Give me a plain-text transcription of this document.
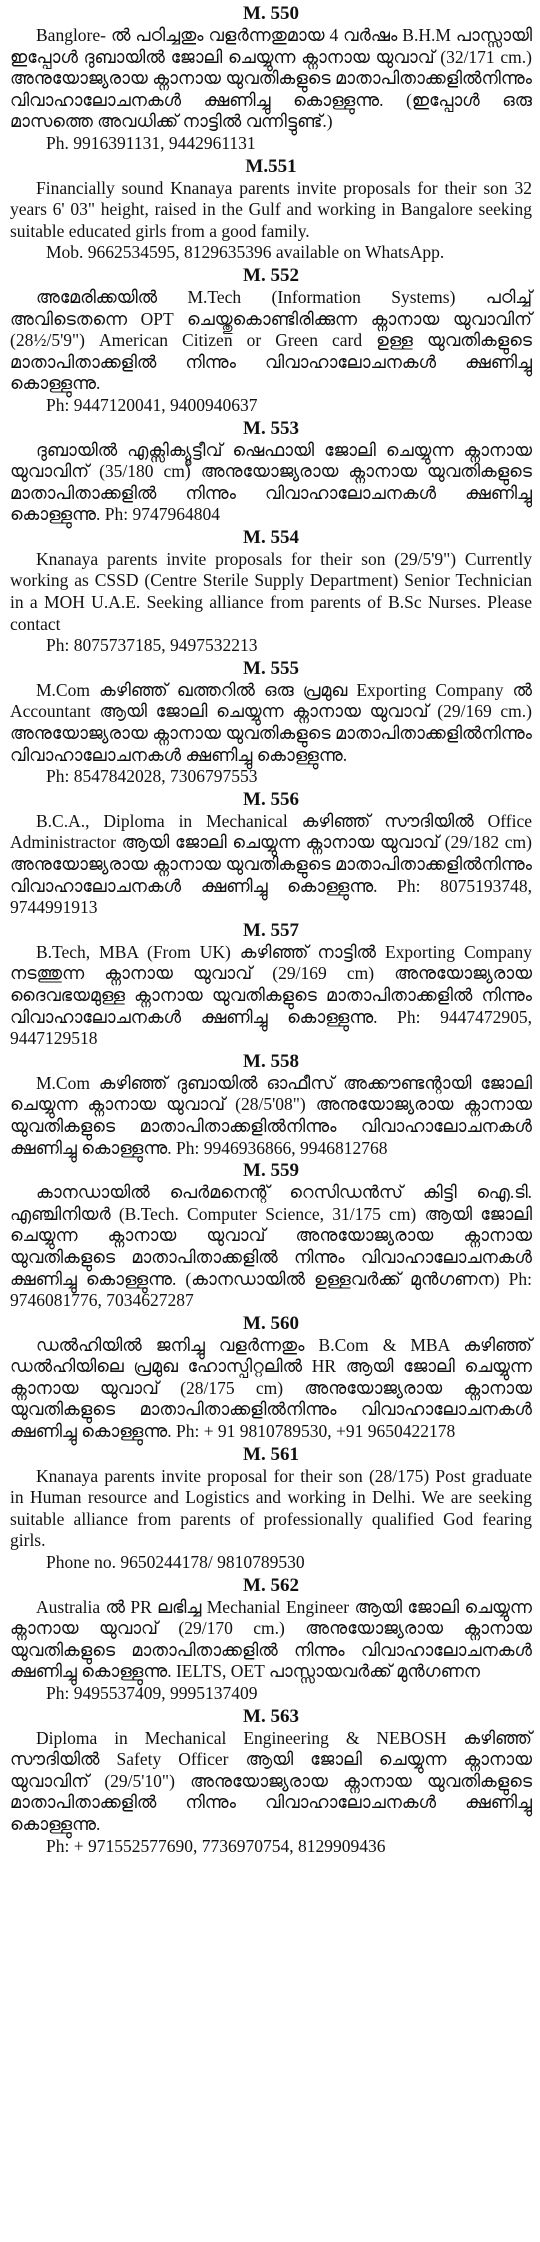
M. 550

Banglore- ൽ പഠിച്ചതും വളർന്നതുമായ 4 വർഷം B.H.M പാസ്സായി ഇപ്പോൾ ദുബായിൽ ജോലി ചെയ്യുന്ന ക്നാനായ യുവാവ് (32/171 cm.) അനുയോജ്യരായ ക്നാനായ യുവതികളുടെ മാതാപിതാക്കളിൽനിന്നും വിവാഹാലോചനകൾ ക്ഷണിച്ചു കൊള്ളുന്നു. (ഇപ്പോൾ ഒരു മാസത്തെ അവധിക്ക് നാട്ടിൽ വന്നിട്ടുണ്ട്.)

Ph. 9916391131, 9442961131

M.551

Financially sound Knanaya parents invite proposals for their son 32 years 6' 03" height, raised in the Gulf and working in Bangalore seeking suitable educated girls from a good family.

Mob. 9662534595, 8129635396 available on WhatsApp.

M. 552

അമേരിക്കയിൽ M.Tech (Information Systems) പഠിച്ച് അവിടെതന്നെ OPT ചെയ്തുകൊണ്ടിരിക്കുന്ന ക്നാനായ യുവാവിന് (28½/5'9") American Citizen or Green card ഉള്ള യുവതികളുടെ മാതാപിതാക്കളിൽ നിന്നും വിവാഹാലോചനകൾ ക്ഷണിച്ചു കൊള്ളുന്നു.

Ph: 9447120041, 9400940637

M. 553

ദുബായിൽ എക്സിക്യൂട്ടീവ് ഷെഫായി ജോലി ചെയ്യുന്ന ക്നാനായ യുവാവിന് (35/180 cm) അനുയോജ്യരായ ക്നാനായ യുവതികളുടെ മാതാപിതാക്കളിൽ നിന്നും വിവാഹാലോചനകൾ ക്ഷണിച്ചു കൊള്ളുന്നു. Ph: 9747964804

M. 554

Knanaya parents invite proposals for their son (29/5'9") Currently working as CSSD (Centre Sterile Supply Department) Senior Technician in a MOH U.A.E. Seeking alliance from parents of B.Sc Nurses. Please contact

Ph: 8075737185, 9497532213

M. 555

M.Com കഴിഞ്ഞ് ഖത്തറിൽ ഒരു പ്രമുഖ Exporting Company ൽ Accountant ആയി ജോലി ചെയ്യുന്ന ക്നാനായ യുവാവ് (29/169 cm.) അനുയോജ്യരായ ക്നാനായ യുവതികളുടെ മാതാപിതാക്കളിൽനിന്നും വിവാഹാലോചനകൾ ക്ഷണിച്ചു കൊള്ളുന്നു.

Ph: 8547842028, 7306797553

M. 556

B.C.A., Diploma in Mechanical കഴിഞ്ഞ് സൗദിയിൽ Office Administractor ആയി ജോലി ചെയ്യുന്ന ക്നാനായ യുവാവ് (29/182 cm) അനുയോജ്യരായ ക്നാനായ യുവതികളുടെ മാതാപിതാക്കളിൽനിന്നും വിവാഹാലോചനകൾ ക്ഷണിച്ചു കൊള്ളുന്നു. Ph: 8075193748, 9744991913

M. 557

B.Tech, MBA (From UK) കഴിഞ്ഞ് നാട്ടിൽ Exporting Company നടത്തുന്ന ക്നാനായ യുവാവ് (29/169 cm) അനുയോജ്യരായ ദൈവഭയമുള്ള ക്നാനായ യുവതികളുടെ മാതാപിതാക്കളിൽ നിന്നും വിവാഹാലോചനകൾ ക്ഷണിച്ചു കൊള്ളുന്നു. Ph: 9447472905, 9447129518

M. 558

M.Com കഴിഞ്ഞ് ദുബായിൽ ഓഫീസ് അക്കൗണ്ടന്റായി ജോലി ചെയ്യുന്ന ക്നാനായ യുവാവ് (28/5'08") അനുയോജ്യരായ ക്നാനായ യുവതികളുടെ മാതാപിതാക്കളിൽനിന്നും വിവാഹാലോചനകൾ ക്ഷണിച്ചു കൊള്ളുന്നു. Ph: 9946936866, 9946812768

M. 559

കാനഡായിൽ പെർമനെന്റ് റെസിഡൻസ് കിട്ടി ഐ.ടി. എഞ്ചിനിയർ (B.Tech. Computer Science, 31/175 cm) ആയി ജോലി ചെയ്യുന്ന ക്നാനായ യുവാവ് അനുയോജ്യരായ ക്നാനായ യുവതികളുടെ മാതാപിതാക്കളിൽ നിന്നും വിവാഹാലോചനകൾ ക്ഷണിച്ചു കൊള്ളുന്നു. (കാനഡായിൽ ഉള്ളവർക്ക് മുൻഗണന) Ph: 9746081776, 7034627287

M. 560

ഡൽഹിയിൽ ജനിച്ചു വളർന്നതും B.Com & MBA കഴിഞ്ഞ് ഡൽഹിയിലെ പ്രമുഖ ഹോസ്പിറ്റലിൽ HR ആയി ജോലി ചെയ്യുന്ന ക്നാനായ യുവാവ് (28/175 cm) അനുയോജ്യരായ ക്നാനായ യുവതികളുടെ മാതാപിതാക്കളിൽനിന്നും വിവാഹാലോചനകൾ ക്ഷണിച്ചു കൊള്ളുന്നു. Ph: + 91 9810789530, +91 9650422178

M. 561

Knanaya parents invite proposal for their son (28/175) Post graduate in Human resource and Logistics and working in Delhi. We are seeking suitable alliance from parents of professionally qualified God fearing girls.

Phone no. 9650244178/ 9810789530

M. 562

Australia ൽ PR ലഭിച്ച Mechanial Engineer ആയി ജോലി ചെയ്യുന്ന ക്നാനായ യുവാവ് (29/170 cm.) അനുയോജ്യരായ ക്നാനായ യുവതികളുടെ മാതാപിതാക്കളിൽ നിന്നും വിവാഹാലോചനകൾ ക്ഷണിച്ചു കൊള്ളുന്നു. IELTS, OET പാസ്സായവർക്ക് മുൻഗണന

Ph: 9495537409, 9995137409

M. 563

Diploma in Mechanical Engineering & NEBOSH കഴിഞ്ഞ് സൗദിയിൽ Safety Officer ആയി ജോലി ചെയ്യുന്ന ക്നാനായ യുവാവിന് (29/5'10") അനുയോജ്യരായ ക്നാനായ യുവതികളുടെ മാതാപിതാക്കളിൽ നിന്നും വിവാഹാലോചനകൾ ക്ഷണിച്ചു കൊള്ളുന്നു.

Ph: + 971552577690, 7736970754, 8129909436
